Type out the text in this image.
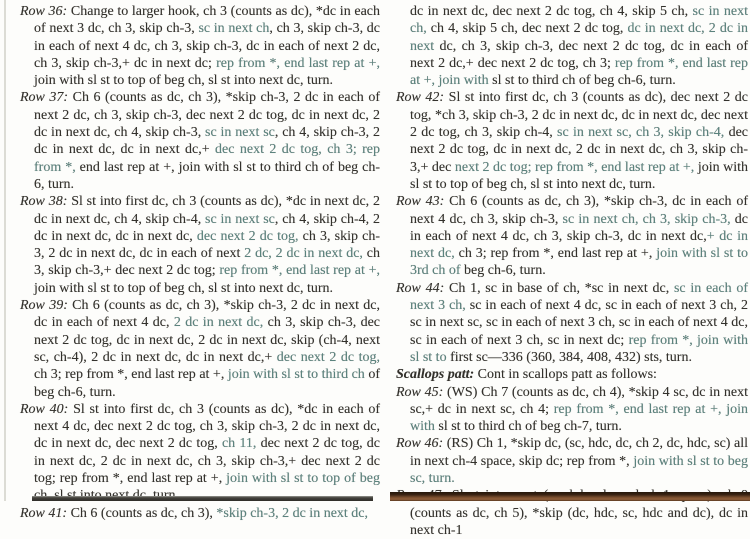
Row 36: Change to larger hook, ch 3 (counts as dc), *dc in each of next 3 dc, ch 3, skip ch-3, sc in next ch, ch 3, skip ch-3, dc in each of next 4 dc, ch 3, skip ch-3, dc in each of next 2 dc, ch 3, skip ch-3,+ dc in next dc; rep from *, end last rep at +, join with sl st to top of beg ch, sl st into next dc, turn.

Row 37: Ch 6 (counts as dc, ch 3), *skip ch-3, 2 dc in each of next 2 dc, ch 3, skip ch-3, dec next 2 dc tog, dc in next dc, 2 dc in next dc, ch 4, skip ch-3, sc in next sc, ch 4, skip ch-3, 2 dc in next dc, dc in next dc,+ dec next 2 dc tog, ch 3; rep from *, end last rep at +, join with sl st to third ch of beg ch-6, turn.

Row 38: Sl st into first dc, ch 3 (counts as dc), *dc in next dc, 2 dc in next dc, ch 4, skip ch-4, sc in next sc, ch 4, skip ch-4, 2 dc in next dc, dc in next dc, dec next 2 dc tog, ch 3, skip ch-3, 2 dc in next dc, dc in each of next 2 dc, 2 dc in next dc, ch 3, skip ch-3,+ dec next 2 dc tog; rep from *, end last rep at +, join with sl st to top of beg ch, sl st into next dc, turn.

Row 39: Ch 6 (counts as dc, ch 3), *skip ch-3, 2 dc in next dc, dc in each of next 4 dc, 2 dc in next dc, ch 3, skip ch-3, dec next 2 dc tog, dc in next dc, 2 dc in next dc, skip (ch-4, next sc, ch-4), 2 dc in next dc, dc in next dc,+ dec next 2 dc tog, ch 3; rep from *, end last rep at +, join with sl st to third ch of beg ch-6, turn.

Row 40: Sl st into first dc, ch 3 (counts as dc), *dc in each of next 4 dc, dec next 2 dc tog, ch 3, skip ch-3, 2 dc in next dc, dc in next dc, dec next 2 dc tog, ch 11, dec next 2 dc tog, dc in next dc, 2 dc in next dc, ch 3, skip ch-3,+ dec next 2 dc tog; rep from *, end last rep at +, join with sl st to top of beg

Row 41: Ch 6 (counts as dc, ch 3), *skip ch-3, 2 dc in next dc,

dc in next dc, dec next 2 dc tog, ch 4, skip 5 ch, sc in next ch, ch 4, skip 5 ch, dec next 2 dc tog, dc in next dc, 2 dc in next dc, ch 3, skip ch-3, dec next 2 dc tog, dc in each of next 2 dc,+ dec next 2 dc tog, ch 3; rep from *, end last rep at +, join with sl st to third ch of beg ch-6, turn.

Row 42: Sl st into first dc, ch 3 (counts as dc), dec next 2 dc tog, *ch 3, skip ch-3, 2 dc in next dc, dc in next dc, dec next 2 dc tog, ch 3, skip ch-4, sc in next sc, ch 3, skip ch-4, dec next 2 dc tog, dc in next dc, 2 dc in next dc, ch 3, skip ch-3,+ dec next 2 dc tog; rep from *, end last rep at +, join with sl st to top of beg ch, sl st into next dc, turn.

Row 43: Ch 6 (counts as dc, ch 3), *skip ch-3, dc in each of next 4 dc, ch 3, skip ch-3, sc in next ch, ch 3, skip ch-3, dc in each of next 4 dc, ch 3, skip ch-3, dc in next dc,+ dc in next dc, ch 3; rep from *, end last rep at +, join with sl st to 3rd ch of beg ch-6, turn.

Row 44: Ch 1, sc in base of ch, *sc in next dc, sc in each of next 3 ch, sc in each of next 4 dc, sc in each of next 3 ch, 2 sc in next sc, sc in each of next 3 ch, sc in each of next 4 dc, sc in each of next 3 ch, sc in next dc; rep from *, join with sl st to first sc—336 (360, 384, 408, 432) sts, turn.

Scallops patt: Cont in scallops patt as follows:

Row 45: (WS) Ch 7 (counts as dc, ch 4), *skip 4 sc, dc in next sc,+ dc in next sc, ch 4; rep from *, end last rep at +, join with sl st to third ch of beg ch-7, turn.

Row 46: (RS) Ch 1, *skip dc, (sc, hdc, dc, ch 2, dc, hdc, sc) all in next ch-4 space, skip dc; rep from *, join with sl st to beg sc, turn.

(counts as dc, ch 5), *skip (dc, hdc, sc, hdc and dc), dc in next ch-1
